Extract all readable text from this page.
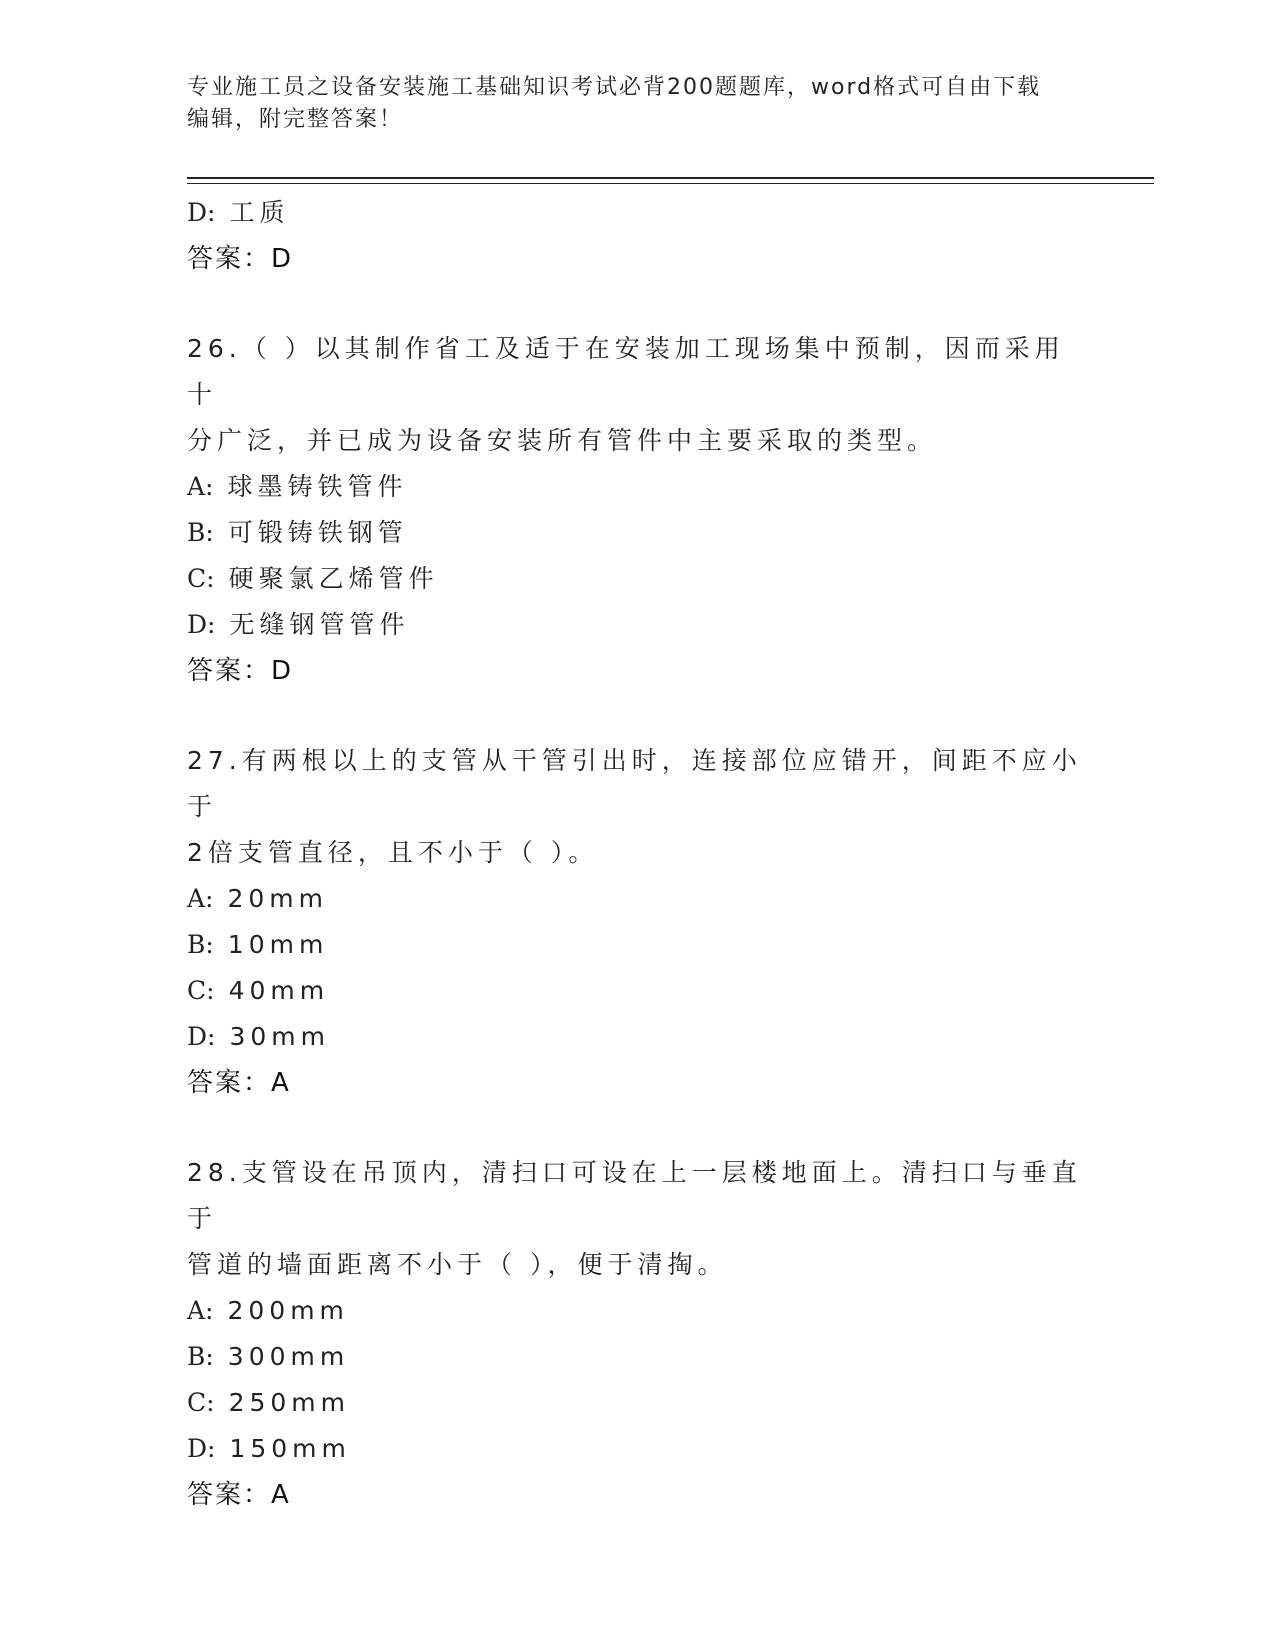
专业施工员之设备安装施工基础知识考试必背200题题库，word格式可自由下载
编辑，附完整答案！
D: 工质
答案：D
26.（ ）以其制作省工及适于在安装加工现场集中预制，因而采用十
分广泛，并已成为设备安装所有管件中主要采取的类型。
A: 球墨铸铁管件
B: 可锻铸铁钢管
C: 硬聚氯乙烯管件
D: 无缝钢管管件
答案：D
27.有两根以上的支管从干管引出时，连接部位应错开，间距不应小于
2倍支管直径，且不小于（ ）。
A: 20mm
B: 10mm
C: 40mm
D: 30mm
答案：A
28.支管设在吊顶内，清扫口可设在上一层楼地面上。清扫口与垂直于
管道的墙面距离不小于（ ），便于清掏。
A: 200mm
B: 300mm
C: 250mm
D: 150mm
答案：A
